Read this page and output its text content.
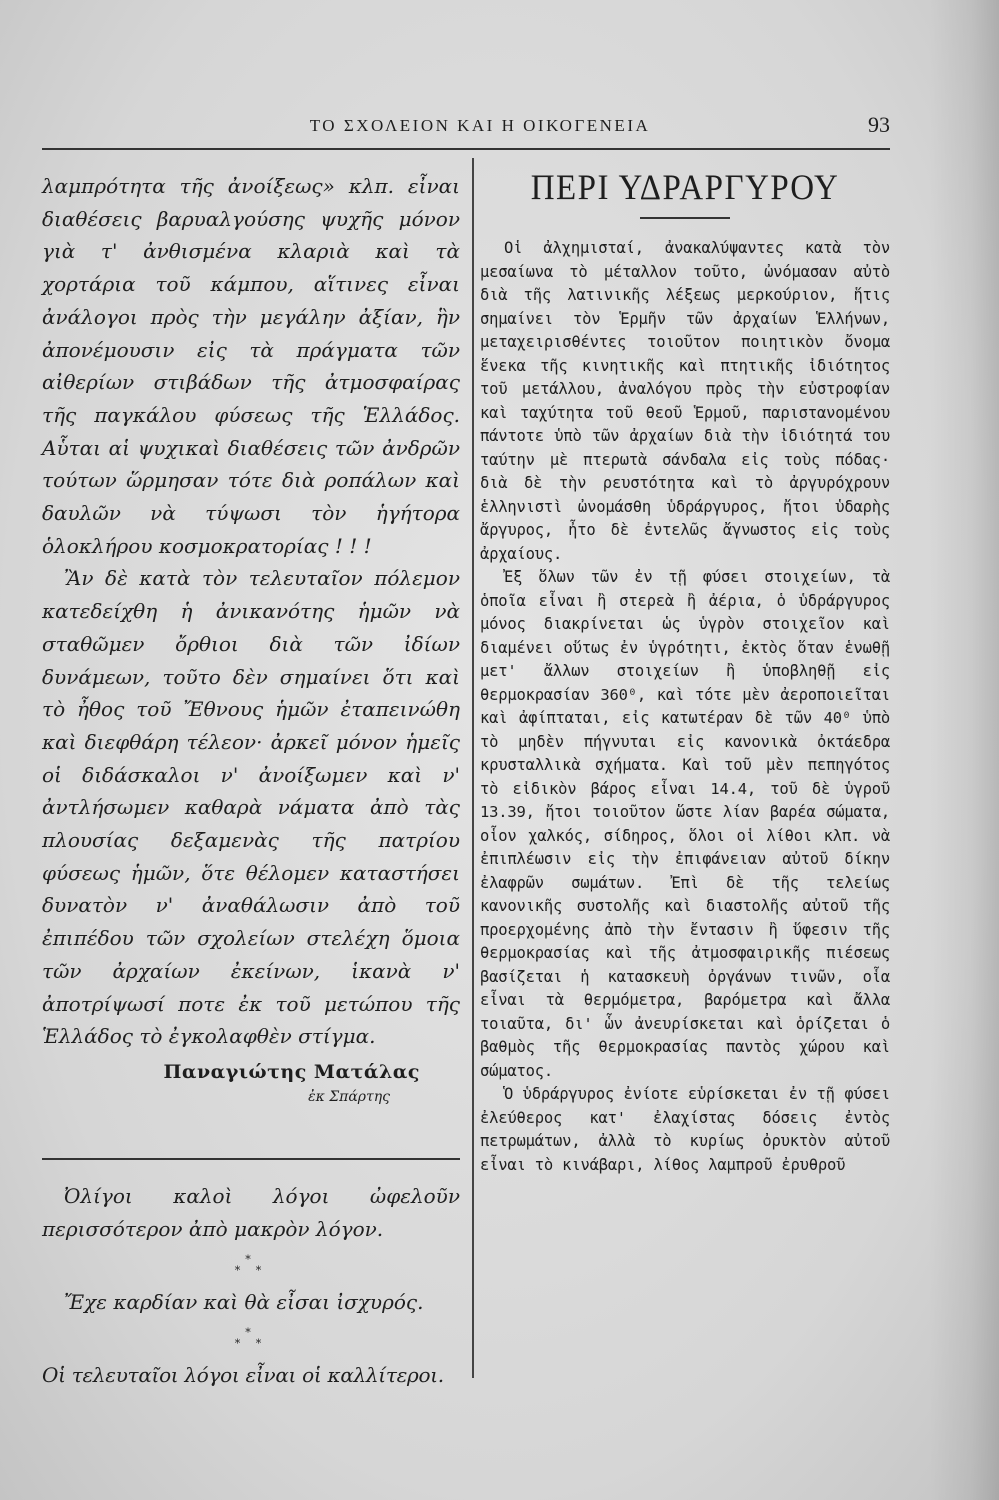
ΤΟ ΣΧΟΛΕΙΟΝ ΚΑΙ Η ΟΙΚΟΓΕΝΕΙΑ	93

λαμπρότητα τῆς ἀνοίξεως» κλπ. εἶναι διαθέσεις βαρυαλγούσης ψυχῆς μόνον γιὰ τ' ἀνθισμένα κλαριὰ καὶ τὰ χορτάρια τοῦ κάμπου, αἵτινες εἶναι ἀνάλογοι πρὸς τὴν μεγάλην ἀξίαν, ἣν ἀπονέμουσιν εἰς τὰ πράγματα τῶν αἰθερίων στιβάδων τῆς ἀτμοσφαίρας τῆς παγκάλου φύσεως τῆς Ἑλλάδος. Αὗται αἱ ψυχικαὶ διαθέσεις τῶν ἀνδρῶν τούτων ὥρμησαν τότε διὰ ροπάλων καὶ δαυλῶν νὰ τύψωσι τὸν ἡγήτορα ὁλοκλήρου κοσμοκρατορίας ! ! !

Ἂν δὲ κατὰ τὸν τελευταῖον πόλεμον κατεδείχθη ἡ ἀνικανότης ἡμῶν νὰ σταθῶμεν ὄρθιοι διὰ τῶν ἰδίων δυνάμεων, τοῦτο δὲν σημαίνει ὅτι καὶ τὸ ἦθος τοῦ Ἔθνους ἡμῶν ἐταπεινώθη καὶ διεφθάρη τέλεον· ἀρκεῖ μόνον ἡμεῖς οἱ διδάσκαλοι ν' ἀνοίξωμεν καὶ ν' ἀντλήσωμεν καθαρὰ νάματα ἀπὸ τὰς πλουσίας δεξαμενὰς τῆς πατρίου φύσεως ἡμῶν, ὅτε θέλομεν καταστήσει δυνατὸν ν' ἀναθάλωσιν ἀπὸ τοῦ ἐπιπέδου τῶν σχολείων στελέχη ὅμοια τῶν ἀρχαίων ἐκείνων, ἱκανὰ ν' ἀποτρίψωσί ποτε ἐκ τοῦ μετώπου τῆς Ἑλλάδος τὸ ἐγκολαφθὲν στίγμα.

Παναγιώτης Ματάλας
ἐκ Σπάρτης

Ὀλίγοι καλοὶ λόγοι ὠφελοῦν περισσότερον ἀπὸ μακρὸν λόγον.

*
* *

Ἔχε καρδίαν καὶ θὰ εἶσαι ἰσχυρός.

*
* *

Οἱ τελευταῖοι λόγοι εἶναι οἱ καλλίτεροι.

ΠΕΡΙ ΥΔΡΑΡΓΥΡΟΥ

Οἱ ἀλχημισταί, ἀνακαλύψαντες κατὰ τὸν μεσαίωνα τὸ μέταλλον τοῦτο, ὠνόμασαν αὐτὸ διὰ τῆς λατινικῆς λέξεως μερκούριον, ἥτις σημαίνει τὸν Ἑρμῆν τῶν ἀρχαίων Ἑλλήνων, μεταχειρισθέντες τοιοῦτον ποιητικὸν ὄνομα ἕνεκα τῆς κινητικῆς καὶ πτητικῆς ἰδιότητος τοῦ μετάλλου, ἀναλόγου πρὸς τὴν εὐστροφίαν καὶ ταχύτητα τοῦ θεοῦ Ἑρμοῦ, παριστανομένου πάντοτε ὑπὸ τῶν ἀρχαίων διὰ τὴν ἰδιότητά του ταύτην μὲ πτερωτὰ σάνδαλα εἰς τοὺς πόδας· διὰ δὲ τὴν ρευστότητα καὶ τὸ ἀργυρόχρουν ἑλληνιστὶ ὠνομάσθη ὑδράργυρος, ἤτοι ὑδαρὴς ἄργυρος, ἦτο δὲ ἐντελῶς ἄγνωστος εἰς τοὺς ἀρχαίους.

Ἐξ ὅλων τῶν ἐν τῇ φύσει στοιχείων, τὰ ὁποῖα εἶναι ἢ στερεὰ ἢ ἀέρια, ὁ ὑδράργυρος μόνος διακρίνεται ὡς ὑγρὸν στοιχεῖον καὶ διαμένει οὕτως ἐν ὑγρότητι, ἐκτὸς ὅταν ἑνωθῇ μετ' ἄλλων στοιχείων ἢ ὑποβληθῇ εἰς θερμοκρασίαν 360⁰, καὶ τότε μὲν ἀεροποιεῖται καὶ ἀφίπταται, εἰς κατωτέραν δὲ τῶν 40⁰ ὑπὸ τὸ μηδὲν πήγνυται εἰς κανονικὰ ὀκτάεδρα κρυσταλλικὰ σχήματα. Καὶ τοῦ μὲν πεπηγότος τὸ εἰδικὸν βάρος εἶναι 14.4, τοῦ δὲ ὑγροῦ 13.39, ἤτοι τοιοῦτον ὥστε λίαν βαρέα σώματα, οἷον χαλκός, σίδηρος, ὅλοι οἱ λίθοι κλπ. νὰ ἐπιπλέωσιν εἰς τὴν ἐπιφάνειαν αὐτοῦ δίκην ἐλαφρῶν σωμάτων. Ἐπὶ δὲ τῆς τελείως κανονικῆς συστολῆς καὶ διαστολῆς αὐτοῦ τῆς προερχομένης ἀπὸ τὴν ἔντασιν ἢ ὕφεσιν τῆς θερμοκρασίας καὶ τῆς ἀτμοσφαιρικῆς πιέσεως βασίζεται ἡ κατασκευὴ ὀργάνων τινῶν, οἷα εἶναι τὰ θερμόμετρα, βαρόμετρα καὶ ἄλλα τοιαῦτα, δι' ὧν ἀνευρίσκεται καὶ ὁρίζεται ὁ βαθμὸς τῆς θερμοκρασίας παντὸς χώρου καὶ σώματος.

Ὁ ὑδράργυρος ἐνίοτε εὑρίσκεται ἐν τῇ φύσει ἐλεύθερος κατ' ἐλαχίστας δόσεις ἐντὸς πετρωμάτων, ἀλλὰ τὸ κυρίως ὀρυκτὸν αὐτοῦ εἶναι τὸ κινάβαρι, λίθος λαμπροῦ ἐρυθροῦ
